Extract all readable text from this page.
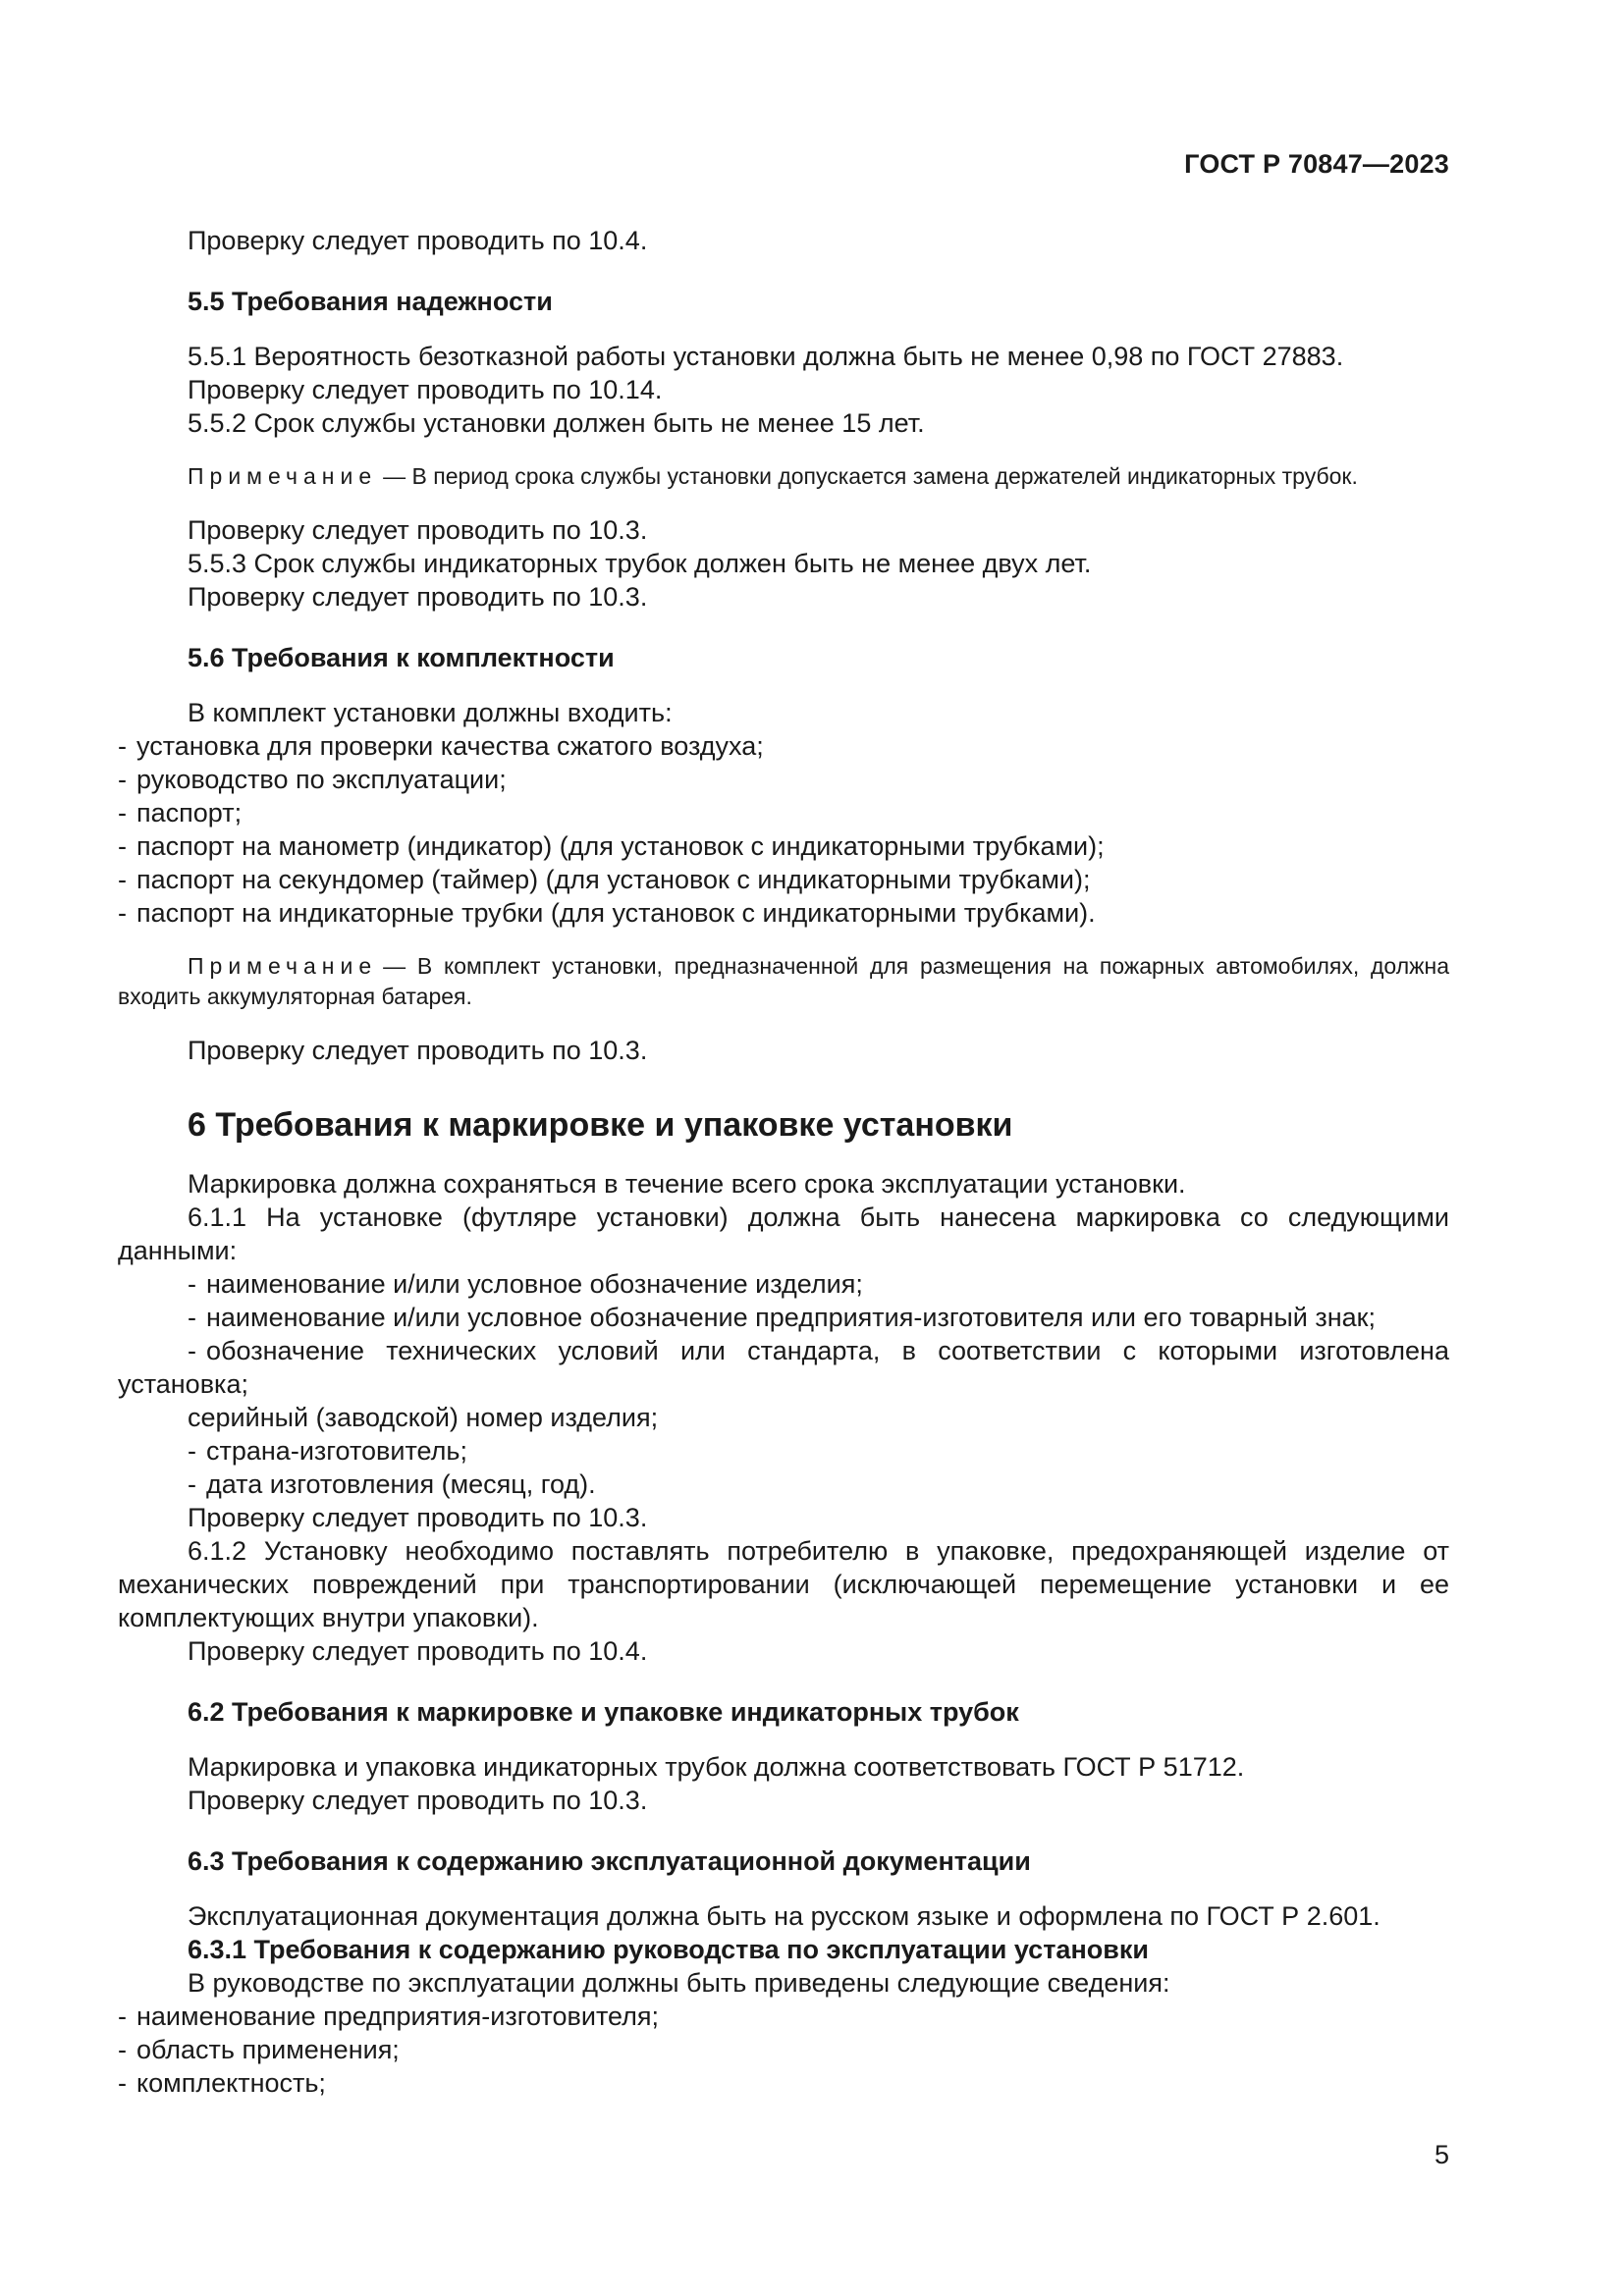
ГОСТ Р 70847—2023

Проверку следует проводить по 10.4.

5.5 Требования надежности

5.5.1 Вероятность безотказной работы установки должна быть не менее 0,98 по ГОСТ 27883.

Проверку следует проводить по 10.14.

5.5.2 Срок службы установки должен быть не менее 15 лет.

Примечание — В период срока службы установки допускается замена держателей индикаторных трубок.

Проверку следует проводить по 10.3.

5.5.3 Срок службы индикаторных трубок должен быть не менее двух лет.

Проверку следует проводить по 10.3.

5.6 Требования к комплектности

В комплект установки должны входить:

- установка для проверки качества сжатого воздуха;

- руководство по эксплуатации;

- паспорт;

- паспорт на манометр (индикатор) (для установок с индикаторными трубками);

- паспорт на секундомер (таймер) (для установок с индикаторными трубками);

- паспорт на индикаторные трубки (для установок с индикаторными трубками).

Примечание — В комплект установки, предназначенной для размещения на пожарных автомобилях, должна входить аккумуляторная батарея.

Проверку следует проводить по 10.3.

6 Требования к маркировке и упаковке установки

Маркировка должна сохраняться в течение всего срока эксплуатации установки.

6.1.1 На установке (футляре установки) должна быть нанесена маркировка со следующими данными:

- наименование и/или условное обозначение изделия;

- наименование и/или условное обозначение предприятия-изготовителя или его товарный знак;

- обозначение технических условий или стандарта, в соответствии с которыми изготовлена установка;

серийный (заводской) номер изделия;

- страна-изготовитель;

- дата изготовления (месяц, год).

Проверку следует проводить по 10.3.

6.1.2 Установку необходимо поставлять потребителю в упаковке, предохраняющей изделие от механических повреждений при транспортировании (исключающей перемещение установки и ее комплектующих внутри упаковки).

Проверку следует проводить по 10.4.

6.2 Требования к маркировке и упаковке индикаторных трубок

Маркировка и упаковка индикаторных трубок должна соответствовать ГОСТ Р 51712.

Проверку следует проводить по 10.3.

6.3 Требования к содержанию эксплуатационной документации

Эксплуатационная документация должна быть на русском языке и оформлена по ГОСТ Р 2.601.

6.3.1 Требования к содержанию руководства по эксплуатации установки

В руководстве по эксплуатации должны быть приведены следующие сведения:

- наименование предприятия-изготовителя;

- область применения;

- комплектность;

5
